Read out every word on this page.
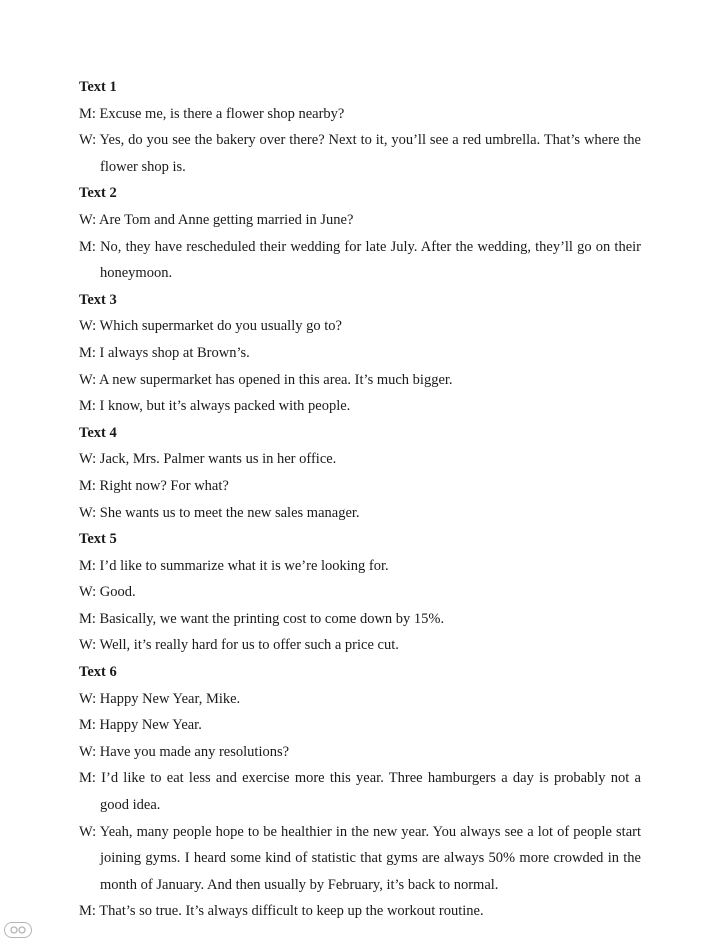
Text 1

M: Excuse me, is there a flower shop nearby?

W: Yes, do you see the bakery over there? Next to it, you’ll see a red umbrella. That’s where the flower shop is.

Text 2

W: Are Tom and Anne getting married in June?

M: No, they have rescheduled their wedding for late July. After the wedding, they’ll go on their honeymoon.

Text 3

W: Which supermarket do you usually go to?

M: I always shop at Brown’s.

W: A new supermarket has opened in this area. It’s much bigger.

M: I know, but it’s always packed with people.

Text 4

W: Jack, Mrs. Palmer wants us in her office.

M: Right now? For what?

W: She wants us to meet the new sales manager.

Text 5

M: I’d like to summarize what it is we’re looking for.

W: Good.

M: Basically, we want the printing cost to come down by 15%.

W: Well, it’s really hard for us to offer such a price cut.

Text 6

W: Happy New Year, Mike.

M: Happy New Year.

W: Have you made any resolutions?

M: I’d like to eat less and exercise more this year. Three hamburgers a day is probably not a good idea.

W: Yeah, many people hope to be healthier in the new year. You always see a lot of people start joining gyms. I heard some kind of statistic that gyms are always 50% more crowded in the month of January. And then usually by February, it’s back to normal.

M: That’s so true. It’s always difficult to keep up the workout routine.
